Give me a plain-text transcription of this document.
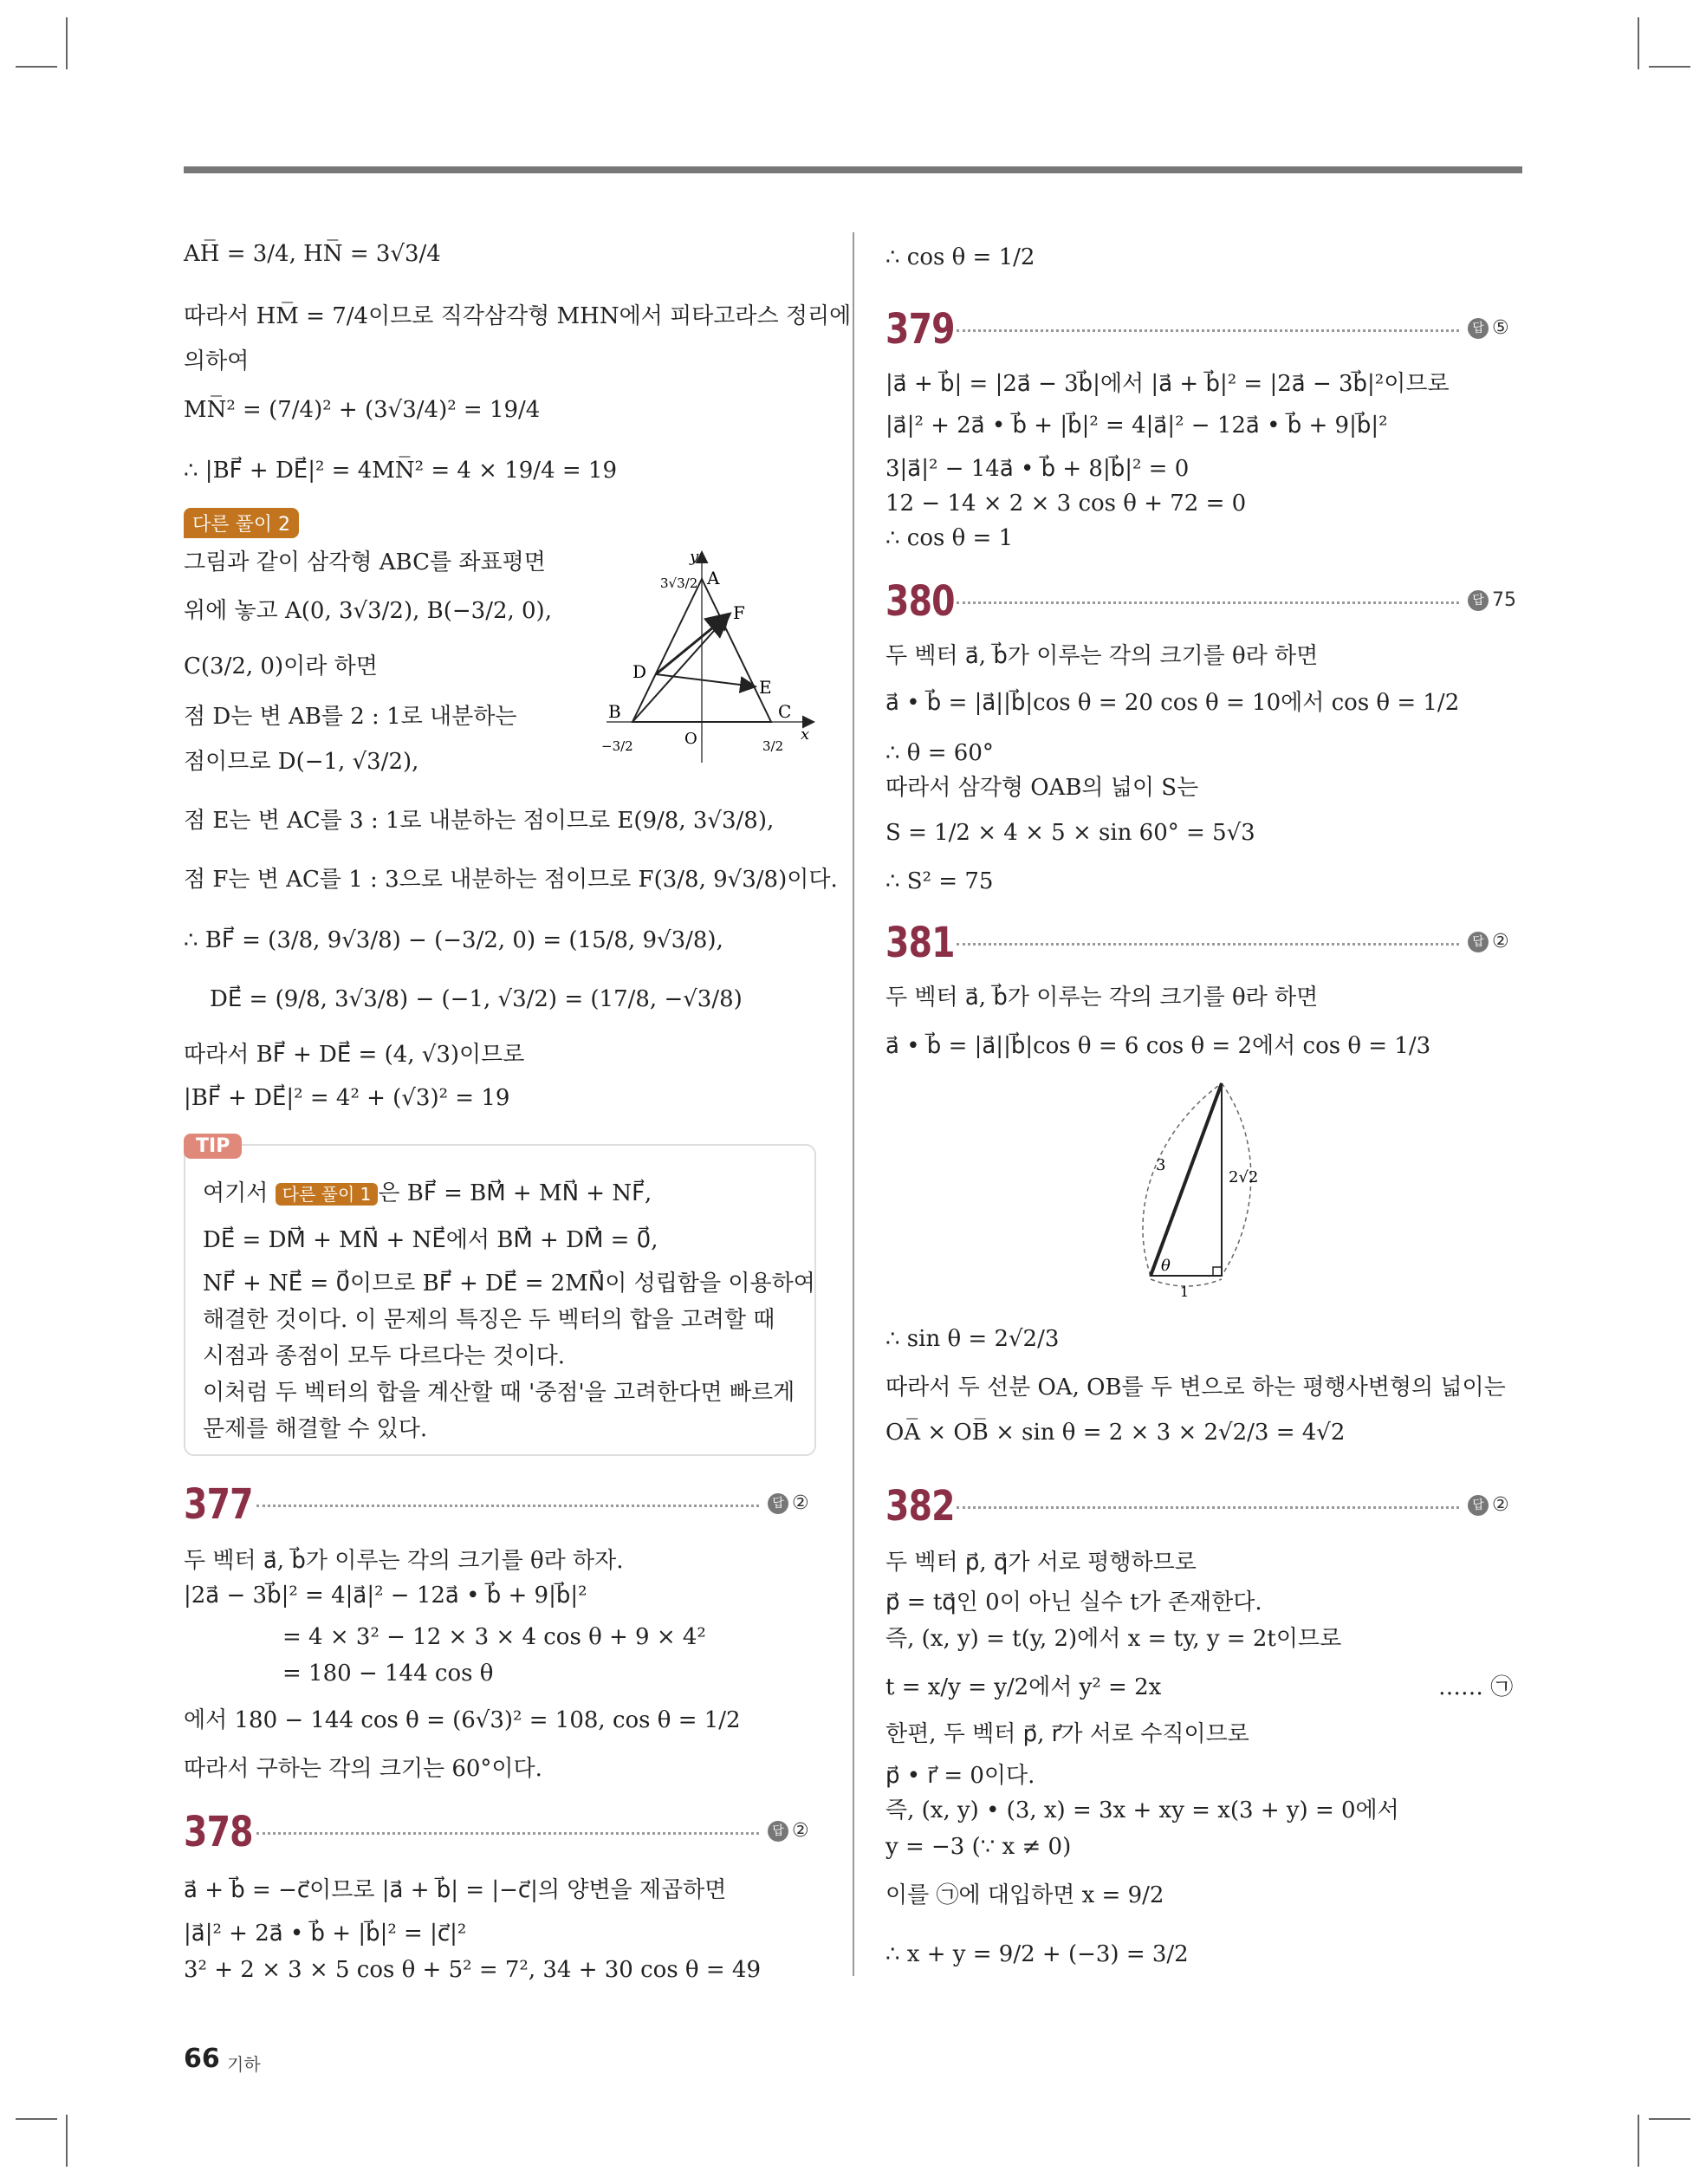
AH̅ = 3/4, HN̅ = 3√3/4
따라서 HM̅ = 7/4이므로 직각삼각형 MHN에서 피타고라스 정리에
의하여
MN̅² = (7/4)² + (3√3/4)² = 19/4
∴ |BF⃗ + DE⃗|² = 4MN̅² = 4 × 19/4 = 19
다른 풀이 2
그림과 같이 삼각형 ABC를 좌표평면
위에 놓고 A(0, 3√3/2), B(−3/2, 0),
C(3/2, 0)이라 하면
점 D는 변 AB를 2 : 1로 내분하는
점이므로 D(−1, √3/2),
점 E는 변 AC를 3 : 1로 내분하는 점이므로 E(9/8, 3√3/8),
점 F는 변 AC를 1 : 3으로 내분하는 점이므로 F(3/8, 9√3/8)이다.
∴ BF⃗ = (3/8, 9√3/8) − (−3/2, 0) = (15/8, 9√3/8),
DE⃗ = (9/8, 3√3/8) − (−1, √3/2) = (17/8, −√3/8)
따라서 BF⃗ + DE⃗ = (4, √3)이므로
|BF⃗ + DE⃗|² = 4² + (√3)² = 19
y
x
A
3√3/2
F
D
E
B	C
O
−3/2	3/2
TIP
여기서 다른 풀이 1 은 BF⃗ = BM⃗ + MN⃗ + NF⃗,
DE⃗ = DM⃗ + MN⃗ + NE⃗에서 BM⃗ + DM⃗ = 0⃗,
NF⃗ + NE⃗ = 0⃗이므로 BF⃗ + DE⃗ = 2MN⃗이 성립함을 이용하여
해결한 것이다. 이 문제의 특징은 두 벡터의 합을 고려할 때
시점과 종점이 모두 다르다는 것이다.
이처럼 두 벡터의 합을 계산할 때 '중점'을 고려한다면 빠르게
문제를 해결할 수 있다.
377	답 ②
두 벡터 a⃗, b⃗가 이루는 각의 크기를 θ라 하자.
|2a⃗ − 3b⃗|² = 4|a⃗|² − 12a⃗ • b⃗ + 9|b⃗|²
= 4 × 3² − 12 × 3 × 4 cos θ + 9 × 4²
= 180 − 144 cos θ
에서 180 − 144 cos θ = (6√3)² = 108, cos θ = 1/2
따라서 구하는 각의 크기는 60°이다.
378	답 ②
a⃗ + b⃗ = −c⃗이므로 |a⃗ + b⃗| = |−c⃗|의 양변을 제곱하면
|a⃗|² + 2a⃗ • b⃗ + |b⃗|² = |c⃗|²
3² + 2 × 3 × 5 cos θ + 5² = 7², 34 + 30 cos θ = 49
∴ cos θ = 1/2
379	답 ⑤
|a⃗ + b⃗| = |2a⃗ − 3b⃗|에서 |a⃗ + b⃗|² = |2a⃗ − 3b⃗|²이므로
|a⃗|² + 2a⃗ • b⃗ + |b⃗|² = 4|a⃗|² − 12a⃗ • b⃗ + 9|b⃗|²
3|a⃗|² − 14a⃗ • b⃗ + 8|b⃗|² = 0
12 − 14 × 2 × 3 cos θ + 72 = 0
∴ cos θ = 1
380	답 75
두 벡터 a⃗, b⃗가 이루는 각의 크기를 θ라 하면
a⃗ • b⃗ = |a⃗||b⃗|cos θ = 20 cos θ = 10에서 cos θ = 1/2
∴ θ = 60°
따라서 삼각형 OAB의 넓이 S는
S = 1/2 × 4 × 5 × sin 60° = 5√3
∴ S² = 75
381	답 ②
두 벡터 a⃗, b⃗가 이루는 각의 크기를 θ라 하면
a⃗ • b⃗ = |a⃗||b⃗|cos θ = 6 cos θ = 2에서 cos θ = 1/3
3
2√2
θ
1
∴ sin θ = 2√2/3
따라서 두 선분 OA, OB를 두 변으로 하는 평행사변형의 넓이는
OA̅ × OB̅ × sin θ = 2 × 3 × 2√2/3 = 4√2
382	답 ②
두 벡터 p⃗, q⃗가 서로 평행하므로
p⃗ = tq⃗인 0이 아닌 실수 t가 존재한다.
즉, (x, y) = t(y, 2)에서 x = ty, y = 2t이므로
t = x/y = y/2에서 y² = 2x	…… ㉠
한편, 두 벡터 p⃗, r⃗가 서로 수직이므로
p⃗ • r⃗ = 0이다.
즉, (x, y) • (3, x) = 3x + xy = x(3 + y) = 0에서
y = −3 (∵ x ≠ 0)
이를 ㉠에 대입하면 x = 9/2
∴ x + y = 9/2 + (−3) = 3/2
66 기하
